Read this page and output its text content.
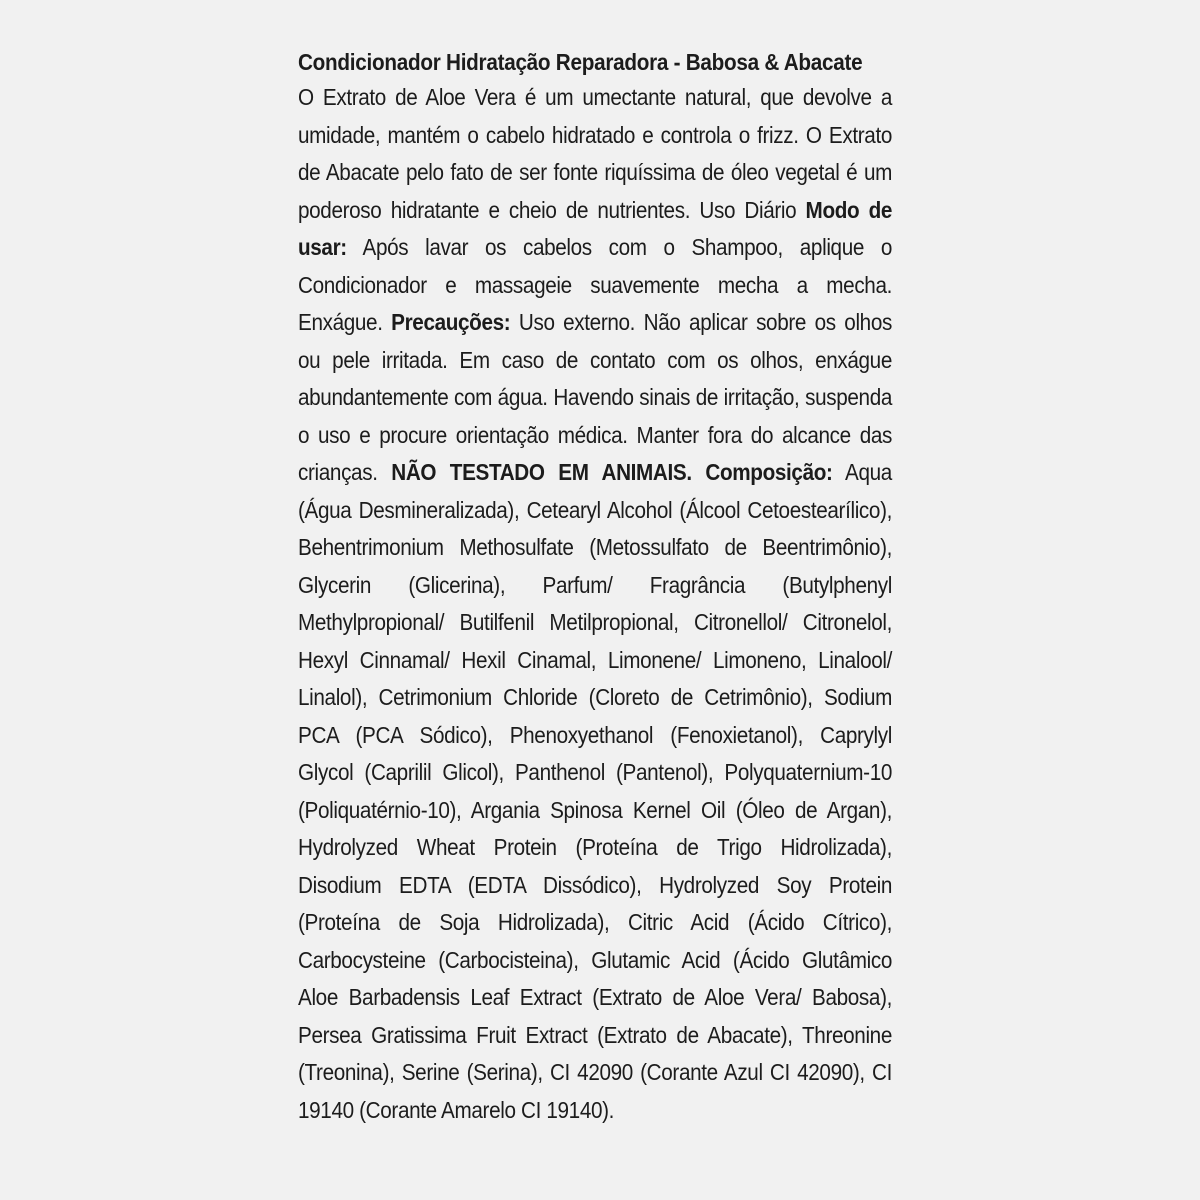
Condicionador Hidratação Reparadora - Babosa & Abacate

O Extrato de Aloe Vera é um umectante natural, que devolve a umidade, mantém o cabelo hidratado e controla o frizz. O Extrato de Abacate pelo fato de ser fonte riquíssima de óleo vegetal é um poderoso hidratante e cheio de nutrientes. Uso Diário Modo de usar: Após lavar os cabelos com o Shampoo, aplique o Condicionador e massageie suavemente mecha a mecha. Enxágue. Precauções: Uso externo. Não aplicar sobre os olhos ou pele irritada. Em caso de contato com os olhos, enxágue abundantemente com água. Havendo sinais de irritação, suspenda o uso e procure orientação médica. Manter fora do alcance das crianças. NÃO TESTADO EM ANIMAIS. Composição: Aqua (Água Desmineralizada), Cetearyl Alcohol (Álcool Cetoestearílico), Behentrimonium Methosulfate (Metossulfato de Beentrimônio), Glycerin (Glicerina), Parfum/ Fragrância (Butylphenyl Methylpropional/ Butilfenil Metilpropional, Citronellol/ Citronelol, Hexyl Cinnamal/ Hexil Cinamal, Limonene/ Limoneno, Linalool/ Linalol), Cetrimonium Chloride (Cloreto de Cetrimônio), Sodium PCA (PCA Sódico), Phenoxyethanol (Fenoxietanol), Caprylyl Glycol (Caprilil Glicol), Panthenol (Pantenol), Polyquaternium-10 (Poliquatérnio-10), Argania Spinosa Kernel Oil (Óleo de Argan), Hydrolyzed Wheat Protein (Proteína de Trigo Hidrolizada), Disodium EDTA (EDTA Dissódico), Hydrolyzed Soy Protein (Proteína de Soja Hidrolizada), Citric Acid (Ácido Cítrico), Carbocysteine (Carbocisteina), Glutamic Acid (Ácido Glutâmico Aloe Barbadensis Leaf Extract (Extrato de Aloe Vera/ Babosa), Persea Gratissima Fruit Extract (Extrato de Abacate), Threonine (Treonina), Serine (Serina), CI 42090 (Corante Azul CI 42090), CI 19140 (Corante Amarelo CI 19140).
